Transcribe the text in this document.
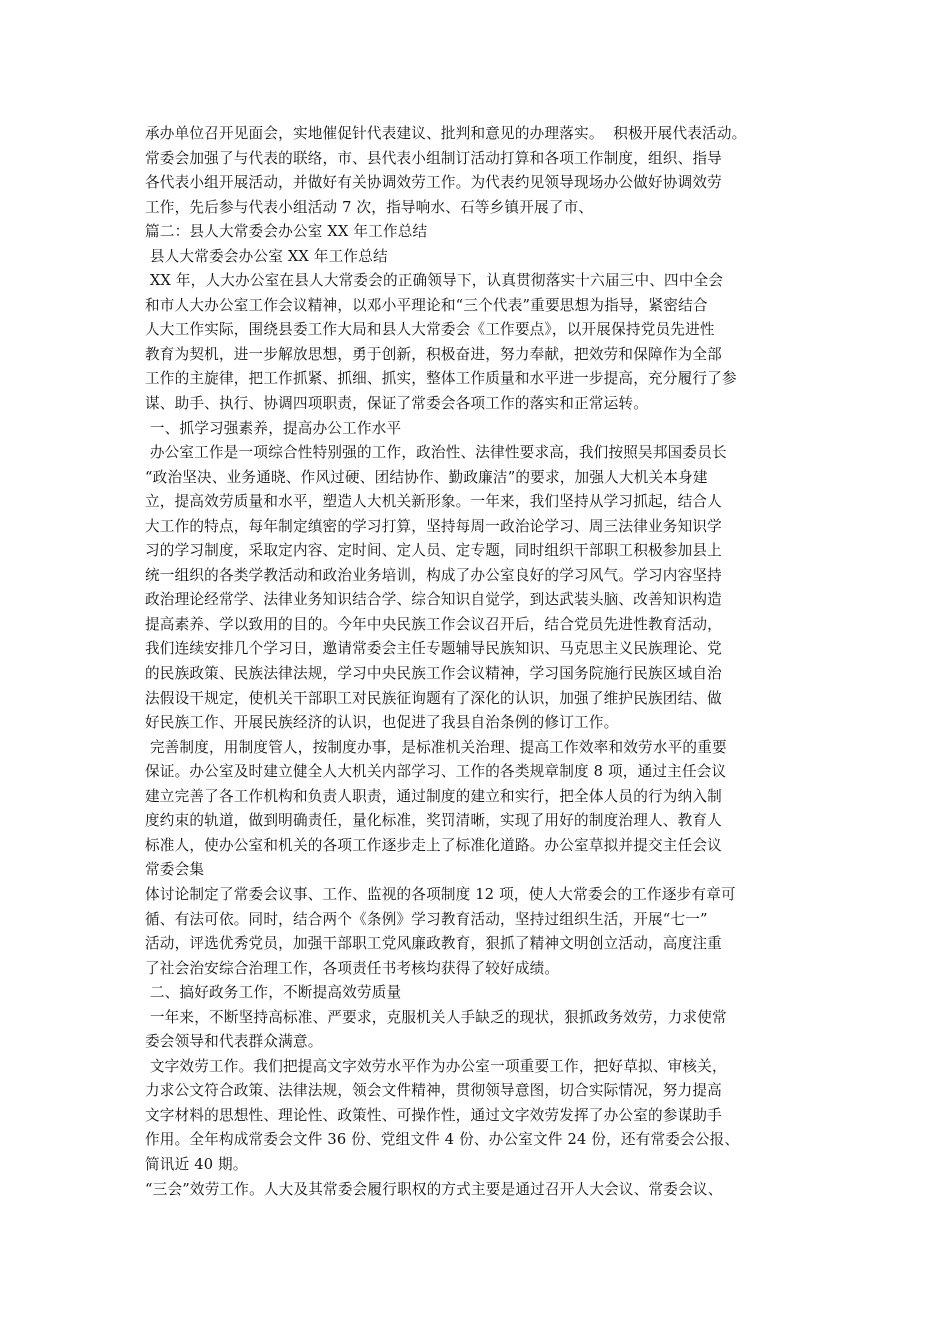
承办单位召开见面会，实地催促针代表建议、批判和意见的办理落实。  积极开展代表活动。
常委会加强了与代表的联络，市、县代表小组制订活动打算和各项工作制度，组织、指导
各代表小组开展活动，并做好有关协调效劳工作。为代表约见领导现场办公做好协调效劳
工作，先后参与代表小组活动 7 次，指导响水、石等乡镇开展了市、
篇二：县人大常委会办公室 XX 年工作总结
县人大常委会办公室 XX 年工作总结
XX 年，人大办公室在县人大常委会的正确领导下，认真贯彻落实十六届三中、四中全会
和市人大办公室工作会议精神，以邓小平理论和“三个代表”重要思想为指导，紧密结合
人大工作实际，围绕县委工作大局和县人大常委会《工作要点》，以开展保持党员先进性
教育为契机，进一步解放思想，勇于创新，积极奋进，努力奉献，把效劳和保障作为全部
工作的主旋律，把工作抓紧、抓细、抓实，整体工作质量和水平进一步提高，充分履行了参
谋、助手、执行、协调四项职责，保证了常委会各项工作的落实和正常运转。
一、抓学习强素养，提高办公工作水平
办公室工作是一项综合性特别强的工作，政治性、法律性要求高，我们按照吴邦国委员长
“政治坚决、业务通晓、作风过硬、团结协作、勤政廉洁”的要求，加强人大机关本身建
立，提高效劳质量和水平，塑造人大机关新形象。一年来，我们坚持从学习抓起，结合人
大工作的特点，每年制定缜密的学习打算，坚持每周一政治论学习、周三法律业务知识学
习的学习制度，采取定内容、定时间、定人员、定专题，同时组织干部职工积极参加县上
统一组织的各类学教活动和政治业务培训，构成了办公室良好的学习风气。学习内容坚持
政治理论经常学、法律业务知识结合学、综合知识自觉学，到达武装头脑、改善知识构造
提高素养、学以致用的目的。今年中央民族工作会议召开后，结合党员先进性教育活动，
我们连续安排几个学习日，邀请常委会主任专题辅导民族知识、马克思主义民族理论、党
的民族政策、民族法律法规，学习中央民族工作会议精神，学习国务院施行民族区域自治
法假设干规定，使机关干部职工对民族征询题有了深化的认识，加强了维护民族团结、做
好民族工作、开展民族经济的认识，也促进了我县自治条例的修订工作。
完善制度，用制度管人，按制度办事，是标准机关治理、提高工作效率和效劳水平的重要
保证。办公室及时建立健全人大机关内部学习、工作的各类规章制度 8 项，通过主任会议
建立完善了各工作机构和负责人职责，通过制度的建立和实行，把全体人员的行为纳入制
度约束的轨道，做到明确责任，量化标准，奖罚清晰，实现了用好的制度治理人、教育人
标准人，使办公室和机关的各项工作逐步走上了标准化道路。办公室草拟并提交主任会议
常委会集
体讨论制定了常委会议事、工作、监视的各项制度 12 项，使人大常委会的工作逐步有章可
循、有法可依。同时，结合两个《条例》学习教育活动，坚持过组织生活，开展“七一”
活动，评选优秀党员，加强干部职工党风廉政教育，狠抓了精神文明创立活动，高度注重
了社会治安综合治理工作，各项责任书考核均获得了较好成绩。
二、搞好政务工作，不断提高效劳质量
一年来，不断坚持高标准、严要求，克服机关人手缺乏的现状，狠抓政务效劳，力求使常
委会领导和代表群众满意。
文字效劳工作。我们把提高文字效劳水平作为办公室一项重要工作，把好草拟、审核关，
力求公文符合政策、法律法规，领会文件精神，贯彻领导意图，切合实际情况，努力提高
文字材料的思想性、理论性、政策性、可操作性，通过文字效劳发挥了办公室的参谋助手
作用。全年构成常委会文件 36 份、党组文件 4 份、办公室文件 24 份，还有常委会公报、
简讯近 40 期。
“三会”效劳工作。人大及其常委会履行职权的方式主要是通过召开人大会议、常委会议、
